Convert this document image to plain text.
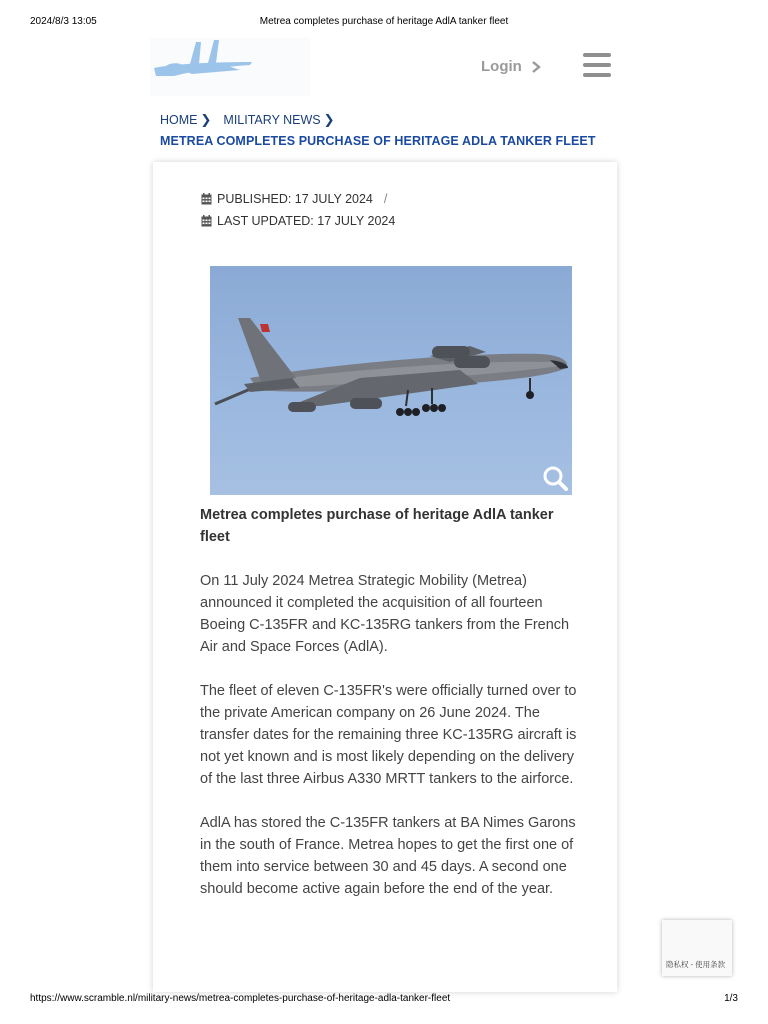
2024/8/3 13:05	Metrea completes purchase of heritage AdlA tanker fleet
Login
HOME ❯ MILITARY NEWS ❯
METREA COMPLETES PURCHASE OF HERITAGE ADLA TANKER FLEET
PUBLISHED: 17 JULY 2024 /
LAST UPDATED: 17 JULY 2024
Metrea completes purchase of heritage AdlA tanker fleet

On 11 July 2024 Metrea Strategic Mobility (Metrea) announced it completed the acquisition of all fourteen Boeing C-135FR and KC-135RG tankers from the French Air and Space Forces (AdlA).

The fleet of eleven C-135FR's were officially turned over to the private American company on 26 June 2024. The transfer dates for the remaining three KC-135RG aircraft is not yet known and is most likely depending on the delivery of the last three Airbus A330 MRTT tankers to the airforce.

AdlA has stored the C-135FR tankers at BA Nimes Garons in the south of France. Metrea hopes to get the first one of them into service between 30 and 45 days. A second one should become active again before the end of the year.

隐私权 - 使用条款
https://www.scramble.nl/military-news/metrea-completes-purchase-of-heritage-adla-tanker-fleet	1/3
